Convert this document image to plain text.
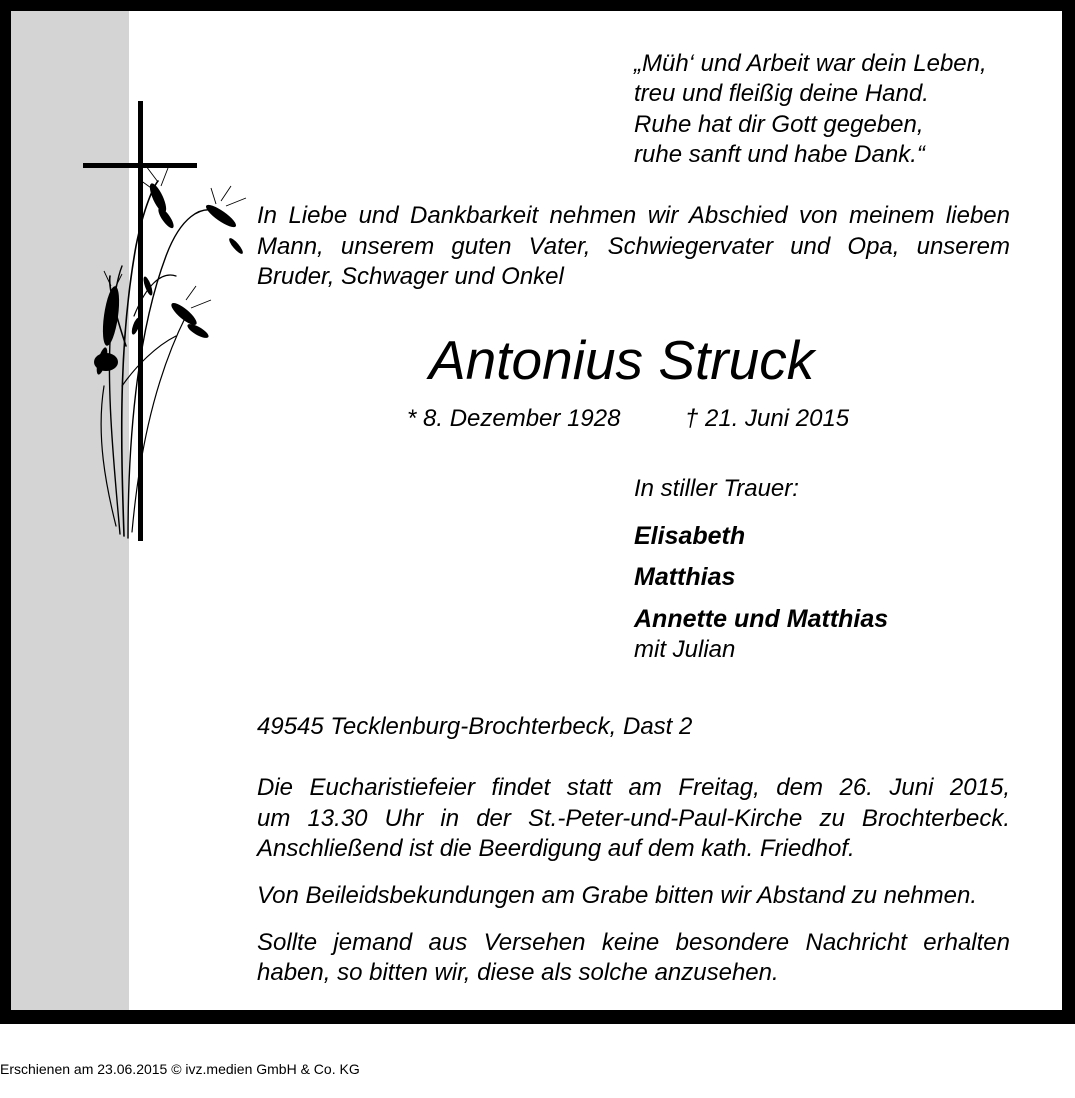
„Müh‘ und Arbeit war dein Leben,
treu und fleißig deine Hand.
Ruhe hat dir Gott gegeben,
ruhe sanft und habe Dank.“
In Liebe und Dankbarkeit nehmen wir Abschied von meinem lieben
Mann, unserem guten Vater, Schwiegervater und Opa, unserem
Bruder, Schwager und Onkel
Antonius Struck
* 8. Dezember 1928	† 21. Juni 2015
In stiller Trauer:
Elisabeth
Matthias
Annette und Matthias
mit Julian
49545 Tecklenburg-Brochterbeck, Dast 2
Die Eucharistiefeier findet statt am Freitag, dem 26. Juni 2015,
um 13.30 Uhr in der St.-Peter-und-Paul-Kirche zu Brochterbeck.
Anschließend ist die Beerdigung auf dem kath. Friedhof.
Von Beileidsbekundungen am Grabe bitten wir Abstand zu nehmen.
Sollte jemand aus Versehen keine besondere Nachricht erhalten
haben, so bitten wir, diese als solche anzusehen.
Erschienen am 23.06.2015 © ivz.medien GmbH & Co. KG
